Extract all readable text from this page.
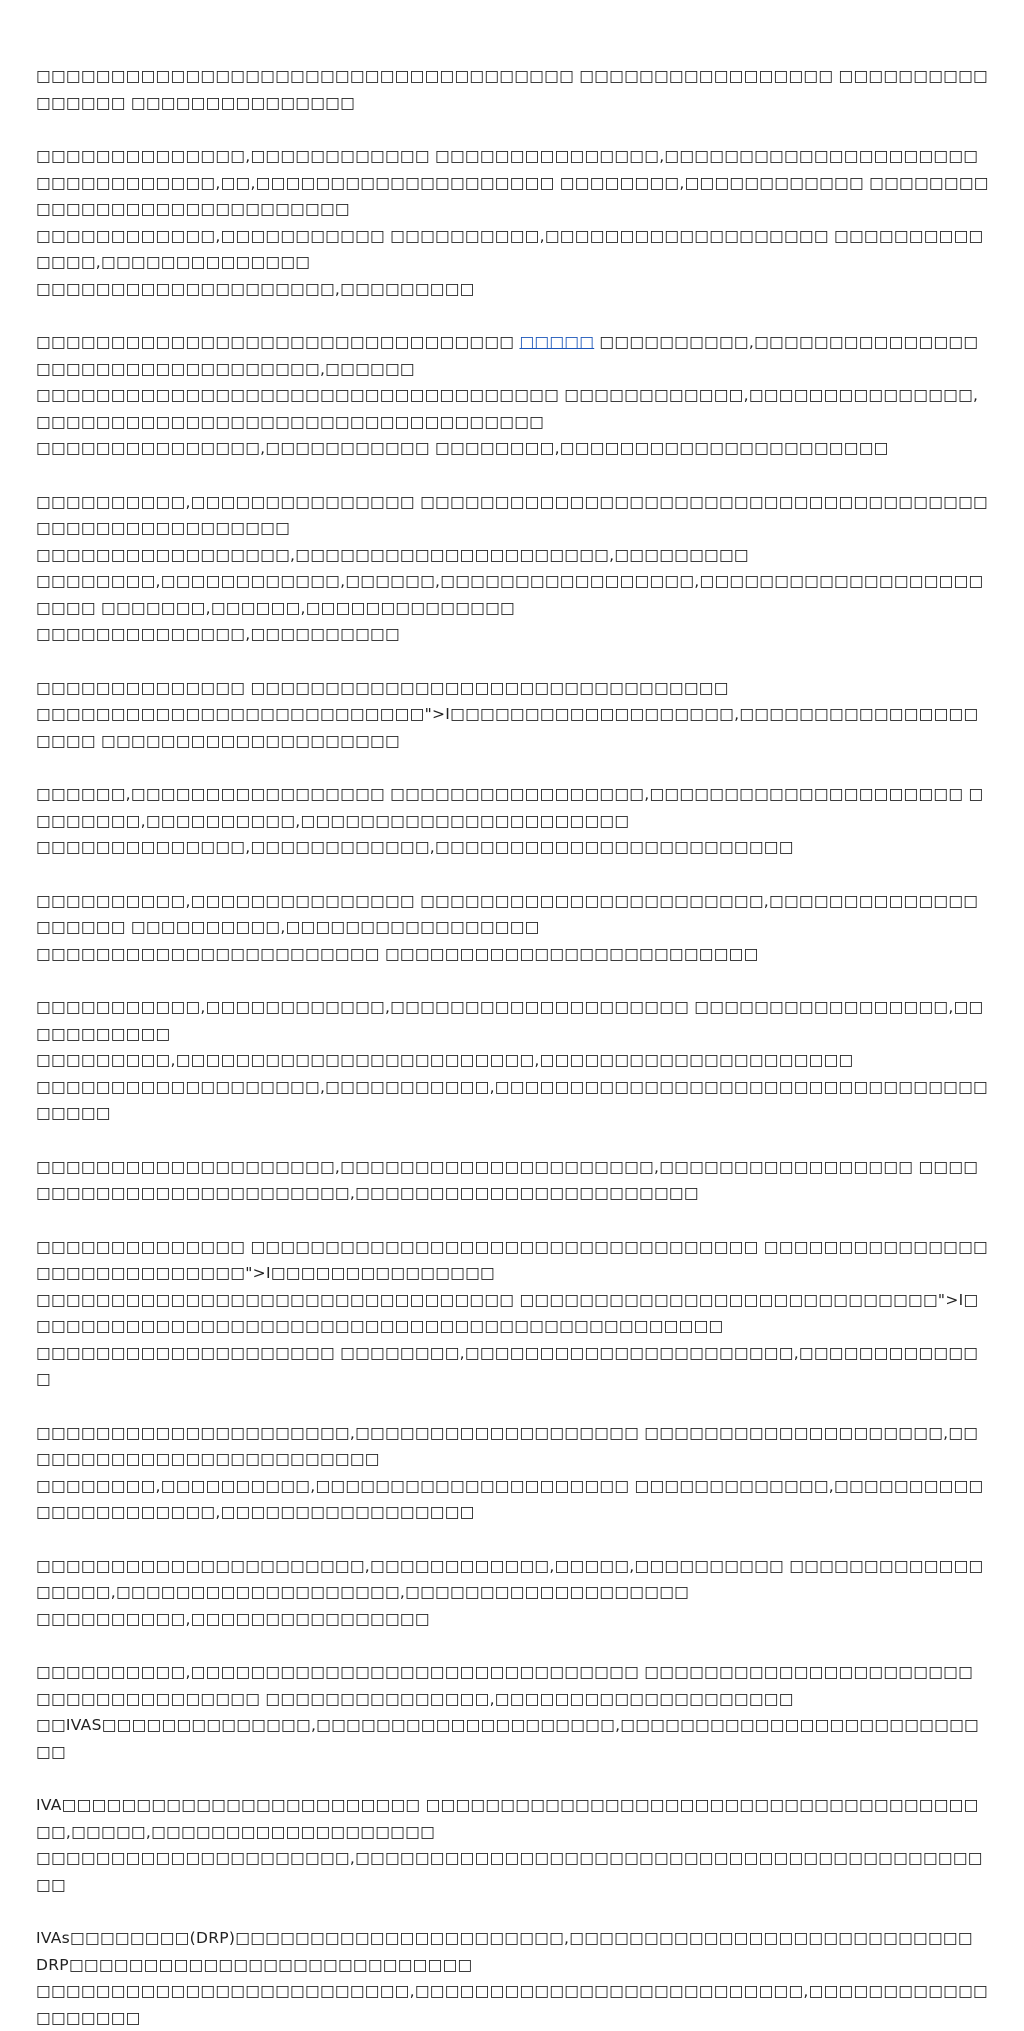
□□□□□□□□□□□□□□□□□□□□□□□□□□□□□□□□□□□□ □□□□□□□□□□□□□□□□□ □□□□□□□□□□□□□□□□ □□□□□□□□□□□□□□□

□□□□□□□□□□□□□□,□□□□□□□□□□□□ □□□□□□□□□□□□□□□,□□□□□□□□□□□□□□□□□□□□□

□□□□□□□□□□□□,□□,□□□□□□□□□□□□□□□□□□□□ □□□□□□□□,□□□□□□□□□□□□ □□□□□□□□□□□□□□□□□□□□□□□□□□□□□

□□□□□□□□□□□□,□□□□□□□□□□□ □□□□□□□□□□,□□□□□□□□□□□□□□□□□□□ □□□□□□□□□□□□□□,□□□□□□□□□□□□□□

□□□□□□□□□□□□□□□□□□□□,□□□□□□□□□

□□□□□□□□□□□□□□□□□□□□□□□□□□□□□□□□ □□□□□ □□□□□□□□□□,□□□□□□□□□□□□□□□□□□□□□□□□□□□□□□□□□□,□□□□□□

□□□□□□□□□□□□□□□□□□□□□□□□□□□□□□□□□□□ □□□□□□□□□□□□,□□□□□□□□□□□□□□□,□□□□□□□□□□□□□□□□□□□□□□□□□□□□□□□□□□

□□□□□□□□□□□□□□□,□□□□□□□□□□□ □□□□□□□□,□□□□□□□□□□□□□□□□□□□□□□

□□□□□□□□□□,□□□□□□□□□□□□□□□ □□□□□□□□□□□□□□□□□□□□□□□□□□□□□□□□□□□□□□□□□□□□□□□□□□□□□□□

□□□□□□□□□□□□□□□□□,□□□□□□□□□□□□□□□□□□□□□,□□□□□□□□□

□□□□□□□□,□□□□□□□□□□□□,□□□□□□,□□□□□□□□□□□□□□□□□,□□□□□□□□□□□□□□□□□□□□□□□ □□□□□□□,□□□□□□,□□□□□□□□□□□□□□

□□□□□□□□□□□□□□,□□□□□□□□□□

□□□□□□□□□□□□□□ □□□□□□□□□□□□□□□□□□□□□□□□□□□□□□□□

□□□□□□□□□□□□□□□□□□□□□□□□□□">I□□□□□□□□□□□□□□□□□□□,□□□□□□□□□□□□□□□□□□□□ □□□□□□□□□□□□□□□□□□□□

□□□□□□,□□□□□□□□□□□□□□□□□ □□□□□□□□□□□□□□□□□,□□□□□□□□□□□□□□□□□□□□□ □□□□□□□□,□□□□□□□□□□,□□□□□□□□□□□□□□□□□□□□□□

□□□□□□□□□□□□□□,□□□□□□□□□□□□,□□□□□□□□□□□□□□□□□□□□□□□□

□□□□□□□□□□,□□□□□□□□□□□□□□□ □□□□□□□□□□□□□□□□□□□□□□□,□□□□□□□□□□□□□□□□□□□□ □□□□□□□□□□,□□□□□□□□□□□□□□□□□

□□□□□□□□□□□□□□□□□□□□□□□ □□□□□□□□□□□□□□□□□□□□□□□□□

□□□□□□□□□□□,□□□□□□□□□□□□,□□□□□□□□□□□□□□□□□□□□ □□□□□□□□□□□□□□□□□,□□□□□□□□□□□

□□□□□□□□□,□□□□□□□□□□□□□□□□□□□□□□□□,□□□□□□□□□□□□□□□□□□□□□

□□□□□□□□□□□□□□□□□□□,□□□□□□□□□□□,□□□□□□□□□□□□□□□□□□□□□□□□□□□□□□□□□□□□□□

□□□□□□□□□□□□□□□□□□□□,□□□□□□□□□□□□□□□□□□□□□,□□□□□□□□□□□□□□□□□ □□□□□□□□□□□□□□□□□□□□□□□□□,□□□□□□□□□□□□□□□□□□□□□□□

□□□□□□□□□□□□□□ □□□□□□□□□□□□□□□□□□□□□□□□□□□□□□□□□□ □□□□□□□□□□□□□□□□□□□□□□□□□□□□□">I□□□□□□□□□□□□□□□

□□□□□□□□□□□□□□□□□□□□□□□□□□□□□□□□ □□□□□□□□□□□□□□□□□□□□□□□□□□□□">I□□□□□□□□□□□□□□□□□□□□□□□□□□□□□□□□□□□□□□□□□□□□□□□

□□□□□□□□□□□□□□□□□□□□ □□□□□□□□,□□□□□□□□□□□□□□□□□□□□□□,□□□□□□□□□□□□□

□□□□□□□□□□□□□□□□□□□□□,□□□□□□□□□□□□□□□□□□□ □□□□□□□□□□□□□□□□□□□□,□□□□□□□□□□□□□□□□□□□□□□□□□

□□□□□□□□,□□□□□□□□□□,□□□□□□□□□□□□□□□□□□□□□ □□□□□□□□□□□□□,□□□□□□□□□□□□□□□□□□□□□□,□□□□□□□□□□□□□□□□□

□□□□□□□□□□□□□□□□□□□□□□,□□□□□□□□□□□□,□□□□□,□□□□□□□□□□ □□□□□□□□□□□□□□□□□□,□□□□□□□□□□□□□□□□□□□,□□□□□□□□□□□□□□□□□□□

□□□□□□□□□□,□□□□□□□□□□□□□□□□

□□□□□□□□□□,□□□□□□□□□□□□□□□□□□□□□□□□□□□□□□ □□□□□□□□□□□□□□□□□□□□□□ □□□□□□□□□□□□□□□ □□□□□□□□□□□□□□□,□□□□□□□□□□□□□□□□□□□□

□□IVAS□□□□□□□□□□□□□□,□□□□□□□□□□□□□□□□□□□□,□□□□□□□□□□□□□□□□□□□□□□□□□□

IVA□□□□□□□□□□□□□□□□□□□□□□□□ □□□□□□□□□□□□□□□□□□□□□□□□□□□□□□□□□□□□□□□,□□□□□,□□□□□□□□□□□□□□□□□□□

□□□□□□□□□□□□□□□□□□□□□,□□□□□□□□□□□□□□□□□□□□□□□□□□□□□□□□□□□□□□□□□□□□

IVAs□□□□□□□□(DRP)□□□□□□□□□□□□□□□□□□□□□□,□□□□□□□□□□□□□□□□□□□□□□□□□□□ DRP□□□□□□□□□□□□□□□□□□□□□□□□□□□

□□□□□□□□□□□□□□□□□□□□□□□□□,□□□□□□□□□□□□□□□□□□□□□□□□□□,□□□□□□□□□□□□□□□□□□□
